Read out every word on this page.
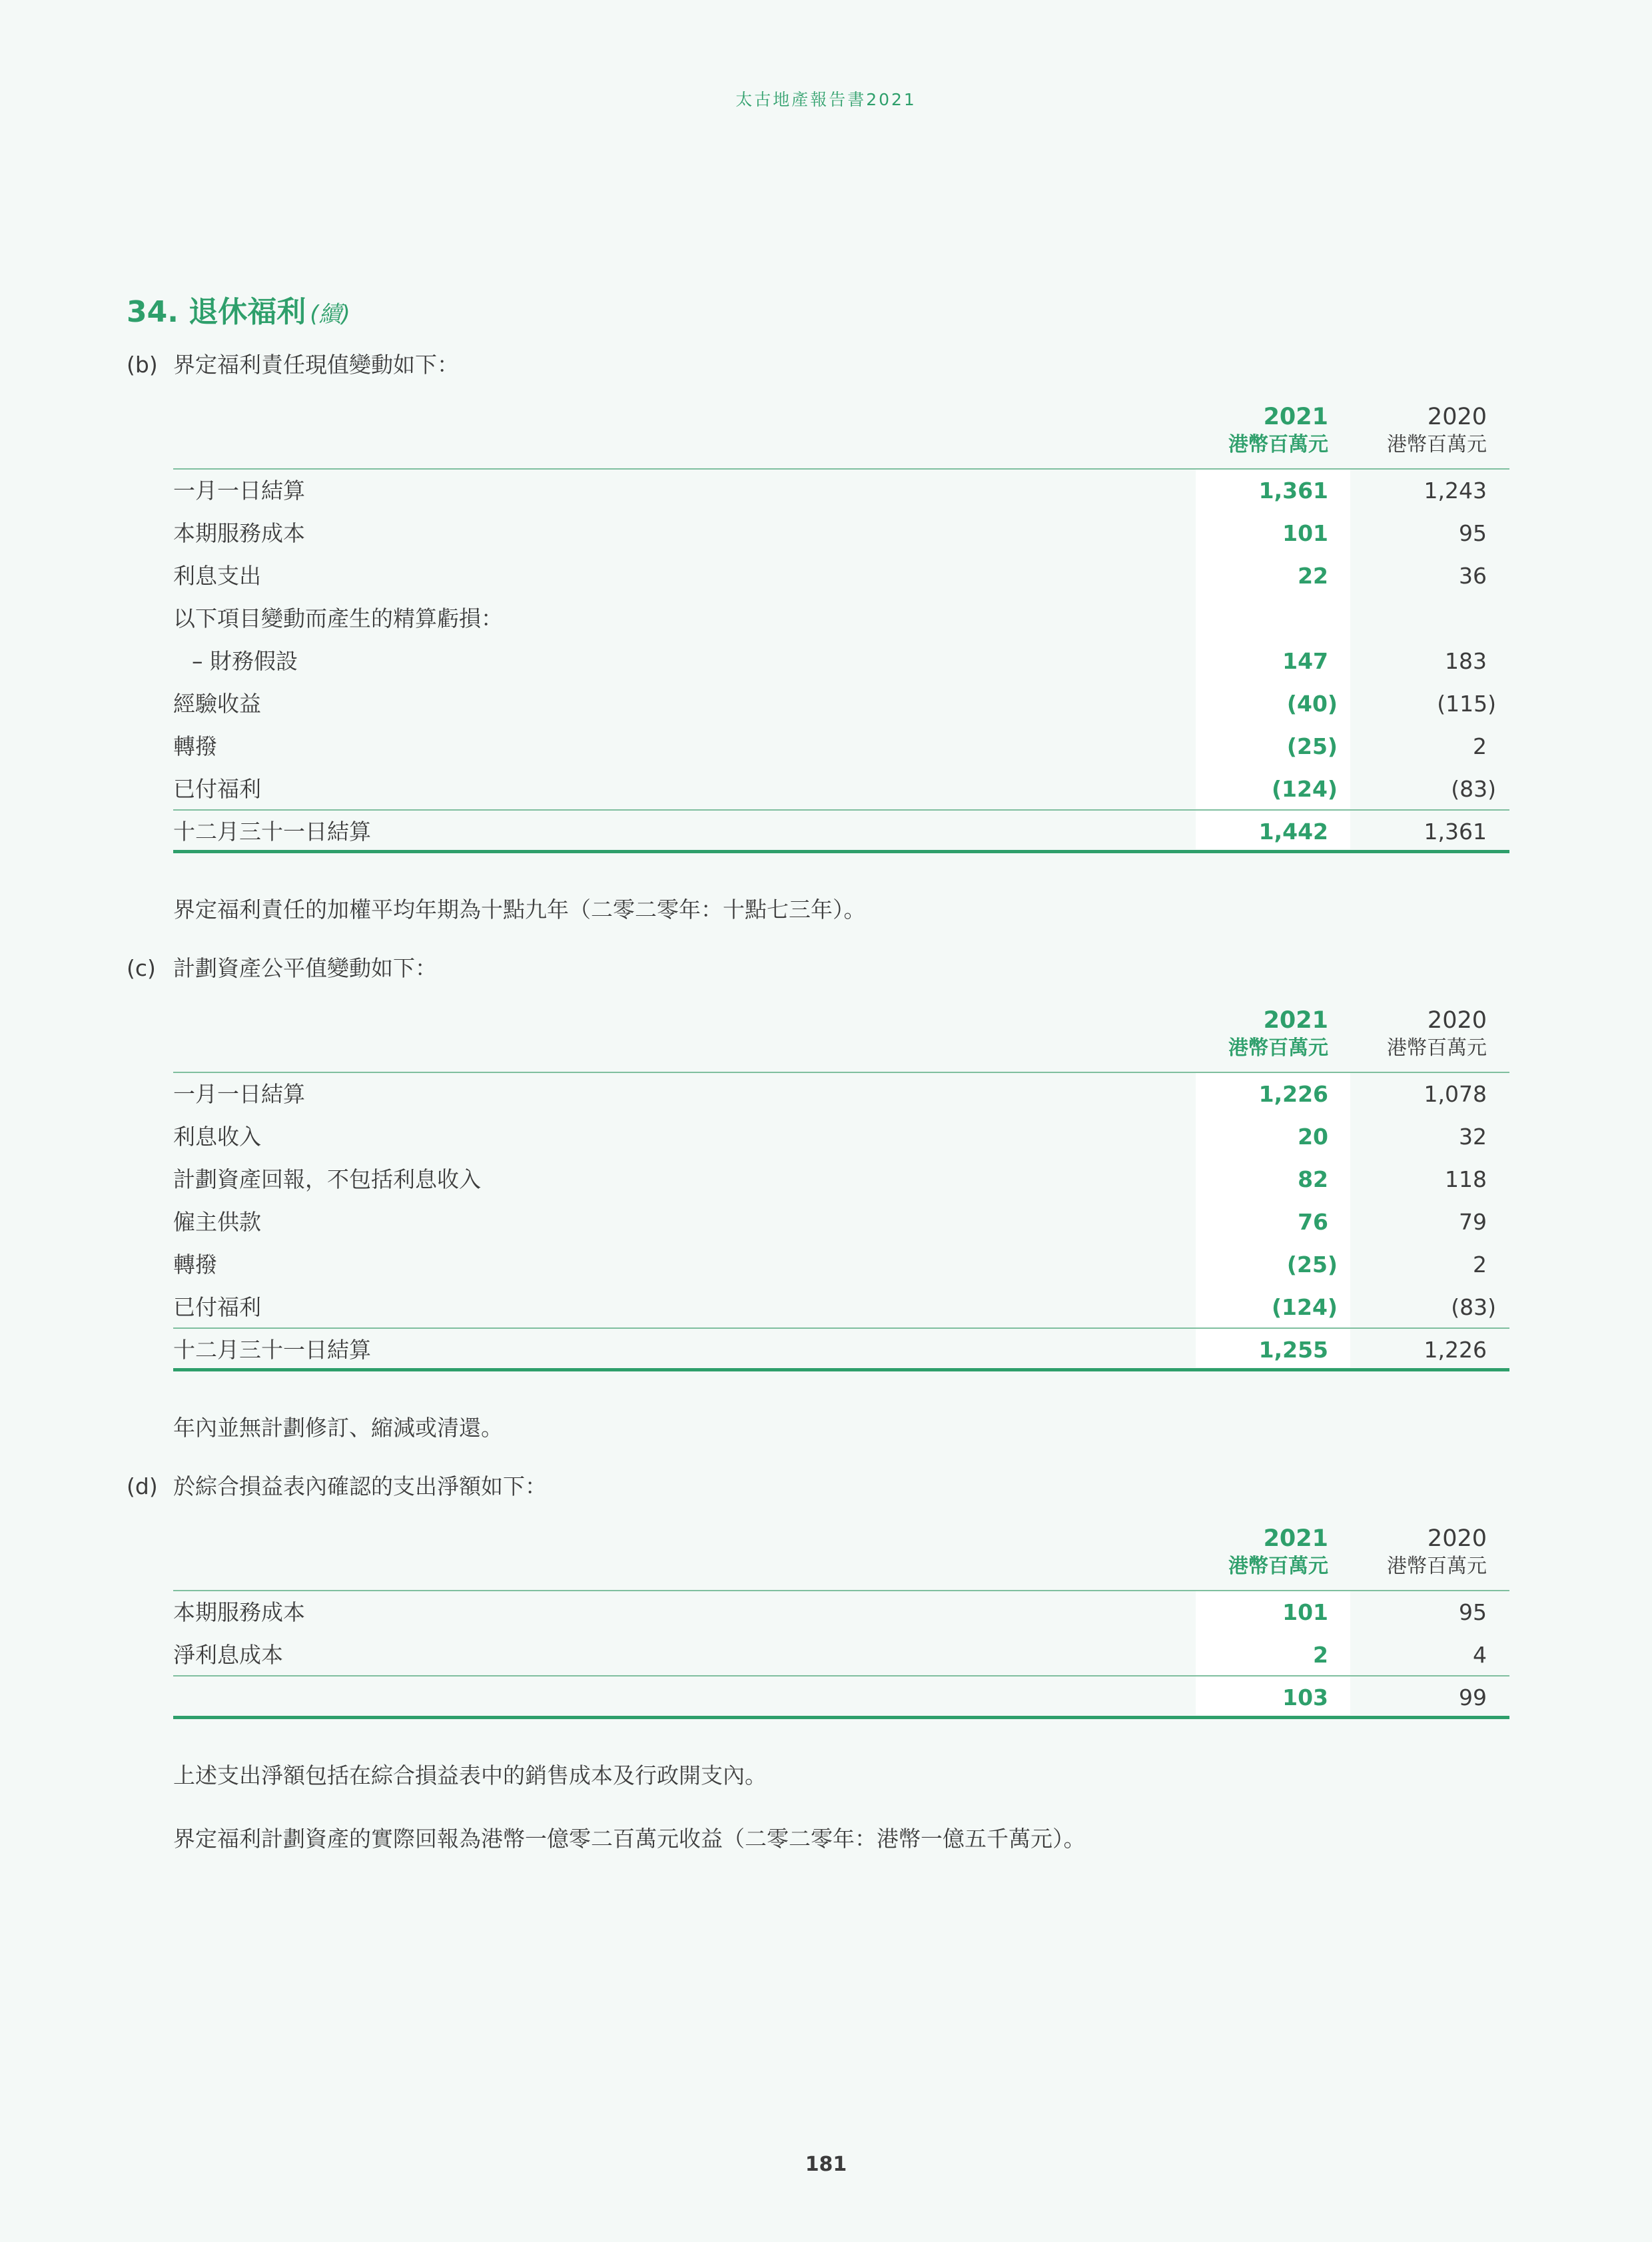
太古地產報告書2021
34. 退休福利 (續)
(b) 界定福利責任現值變動如下：
2021
港幣百萬元
2020
港幣百萬元
一月一日結算	1,361	1,243
本期服務成本	101	95
利息支出	22	36
以下項目變動而產生的精算虧損：
– 財務假設	147	183
經驗收益	(40)	(115)
轉撥	(25)	2
已付福利	(124)	(83)
十二月三十一日結算	1,442	1,361
界定福利責任的加權平均年期為十點九年（二零二零年：十點七三年）。
(c) 計劃資產公平值變動如下：
2021
港幣百萬元
2020
港幣百萬元
一月一日結算	1,226	1,078
利息收入	20	32
計劃資產回報，不包括利息收入	82	118
僱主供款	76	79
轉撥	(25)	2
已付福利	(124)	(83)
十二月三十一日結算	1,255	1,226
年內並無計劃修訂、縮減或清還。
(d) 於綜合損益表內確認的支出淨額如下：
2021
港幣百萬元
2020
港幣百萬元
本期服務成本	101	95
淨利息成本	2	4
103	99
上述支出淨額包括在綜合損益表中的銷售成本及行政開支內。
界定福利計劃資產的實際回報為港幣一億零二百萬元收益（二零二零年：港幣一億五千萬元）。
181
